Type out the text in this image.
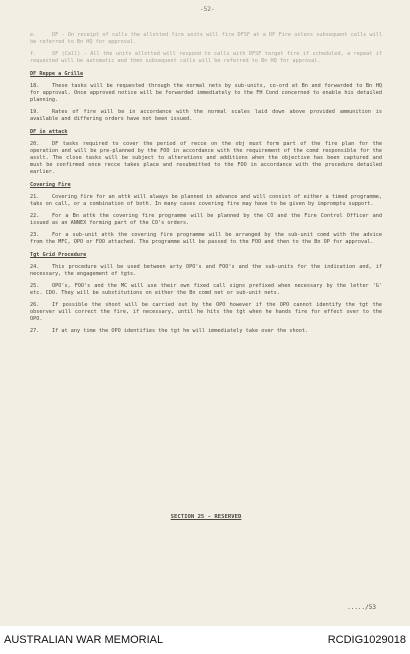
-52-

e.	DF - On receipt of calls the allotted fire units will fire DFSF at a DF Fire unless subsequent calls will be referred to Bn HQ for approval.

f.	SF (Call) - All the units allotted will respond to calls with DFSF target fire if scheduled, a repeat if requested will be automatic and then subsequent calls will be referred to Bn HQ for approval.

DF Reppe a Grille

18. These tasks will be requested through the normal nets by sub-units, co-ord at Bn and forwarded to Bn HQ for approval. Once approved notice will be forwarded immediately to the FH Cond concerned to enable his detailed planning.

19. Rates of fire will be in accordance with the normal scales laid down above provided ammunition is available and differing orders have not been issued.

DF in attack

20. DF tasks required to cover the period of recce on the obj must form part of the fire plan for the operation and will be pre-planned by the FOO in accordance with the requirement of the comd responsible for the asslt. The close tasks will be subject to alterations and additions when the objective has been captured and must be confirmed once recce takes place and resubmitted to the FOO in accordance with the procedure detailed earlier.

Covering Fire

21. Covering fire for an attk will always be planned in advance and will consist of either a timed programme, taks on call, or a combination of both. In many cases covering fire may have to be given by impromptu support.

22. For a Bn attk the covering fire programme will be planned by the CO and the Fire Control Officer and issued as an ANNEX forming part of the CO's orders.

23. For a sub-unit attk the covering fire programme will be arranged by the sub-unit comd with the advice from the MFC, OPO or FOO attached. The programme will be passed to the FOO and then to the Bn OP for approval.

Tgt Grid Procedure

24. This procedure will be used between arty OPO's and FOO's and the sub-units for the indication and, if necessary, the engagement of tgts.

25. OPO's, FOO's and the MC will use their own fixed call signs prefixed when necessary by the letter 'G' etc. CDO. They will be substitutions on either the Bn comd net or sub-unit nets.

26. If possible the shoot will be carried out by the OPO however if the OPO cannot identify the tgt the observer will correct the fire, if necessary, until he hits the tgt when he hands fire for effect over to the OPO.

27. If at any time the OPO identifies the tgt he will immediately take over the shoot.

SECTION 25 - RESERVED
...../53
AUSTRALIAN WAR MEMORIAL	RCDIG1029018
